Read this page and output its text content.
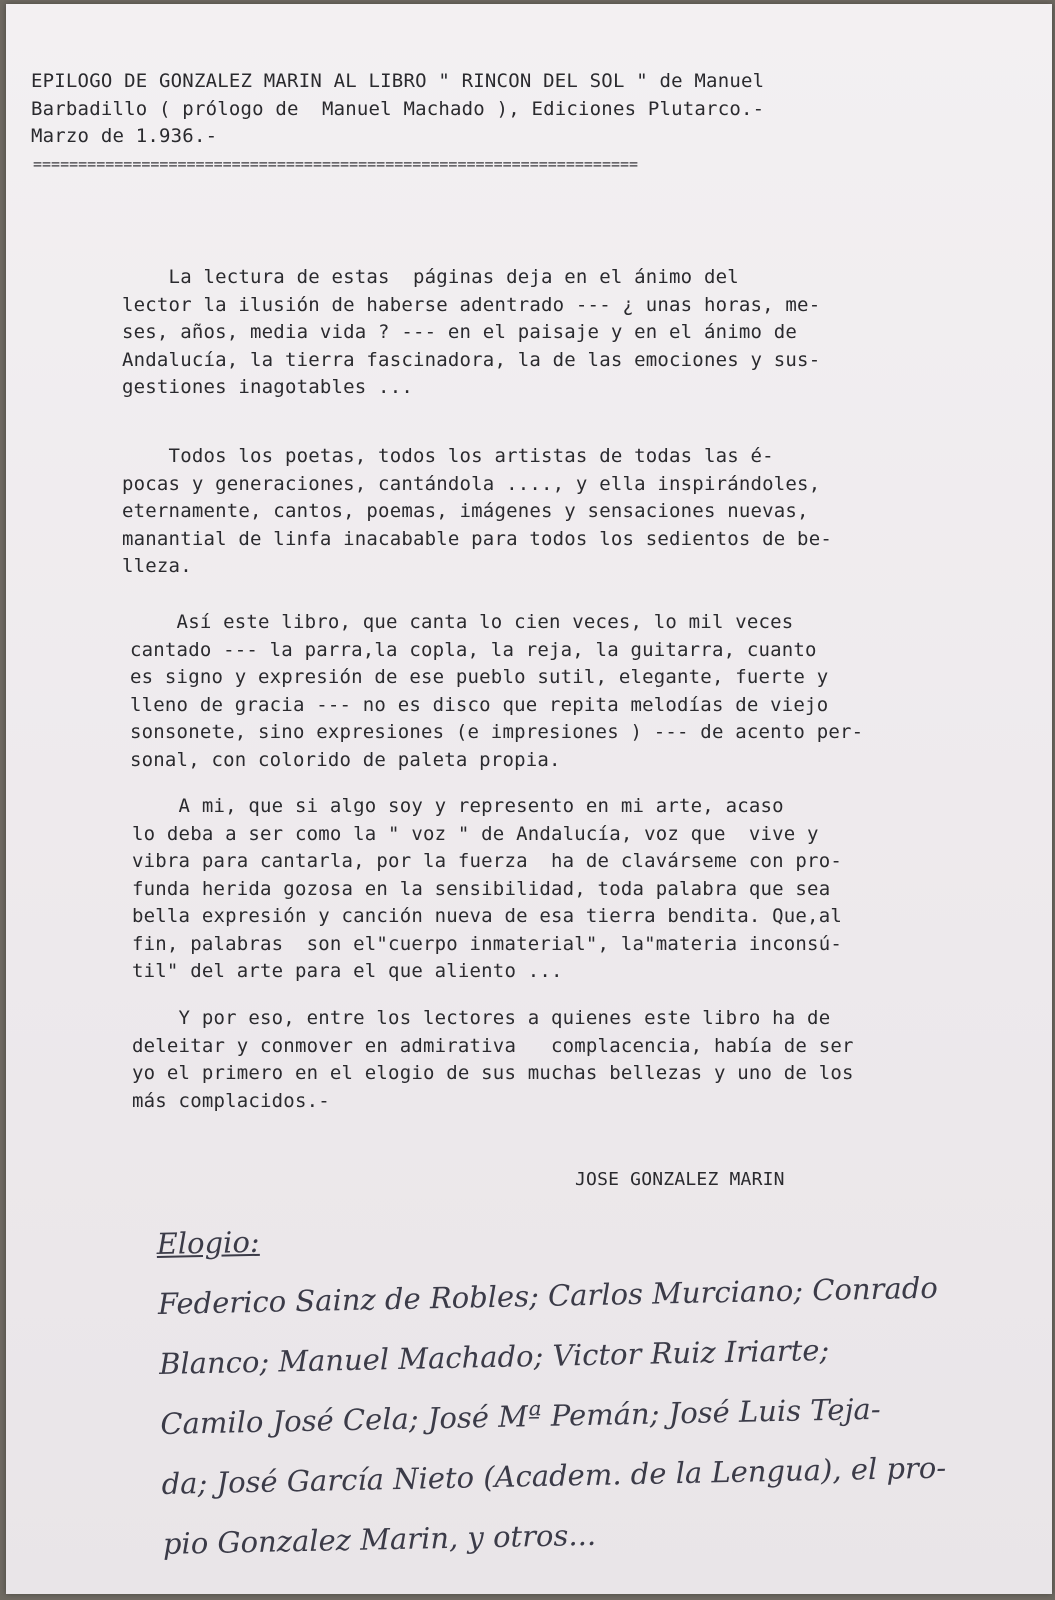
EPILOGO DE GONZALEZ MARIN AL LIBRO " RINCON DEL SOL " de Manuel
Barbadillo ( prólogo de  Manuel Machado ), Ediciones Plutarco.-
Marzo de 1.936.-
===================================================================
La lectura de estas  páginas deja en el ánimo del
lector la ilusión de haberse adentrado --- ¿ unas horas, me-
ses, años, media vida ? --- en el paisaje y en el ánimo de
Andalucía, la tierra fascinadora, la de las emociones y sus-
gestiones inagotables ...
Todos los poetas, todos los artistas de todas las é-
pocas y generaciones, cantándola ...., y ella inspirándoles,
eternamente, cantos, poemas, imágenes y sensaciones nuevas,
manantial de linfa inacabable para todos los sedientos de be-
lleza.
Así este libro, que canta lo cien veces, lo mil veces
cantado --- la parra,la copla, la reja, la guitarra, cuanto
es signo y expresión de ese pueblo sutil, elegante, fuerte y
lleno de gracia --- no es disco que repita melodías de viejo
sonsonete, sino expresiones (e impresiones ) --- de acento per-
sonal, con colorido de paleta propia.
A mi, que si algo soy y represento en mi arte, acaso
lo deba a ser como la " voz " de Andalucía, voz que  vive y
vibra para cantarla, por la fuerza  ha de clavárseme con pro-
funda herida gozosa en la sensibilidad, toda palabra que sea
bella expresión y canción nueva de esa tierra bendita. Que,al
fin, palabras  son el"cuerpo inmaterial", la"materia inconsú-
til" del arte para el que aliento ...
Y por eso, entre los lectores a quienes este libro ha de
deleitar y conmover en admirativa   complacencia, había de ser
yo el primero en el elogio de sus muchas bellezas y uno de los
más complacidos.-
JOSE GONZALEZ MARIN
Elogio:
Federico Sainz de Robles; Carlos Murciano; Conrado
Blanco; Manuel Machado; Victor Ruiz Iriarte;
Camilo José Cela; José Mª Pemán; José Luis Teja-
da; José García Nieto (Academ. de la Lengua), el pro-
pio Gonzalez Marin, y otros...
